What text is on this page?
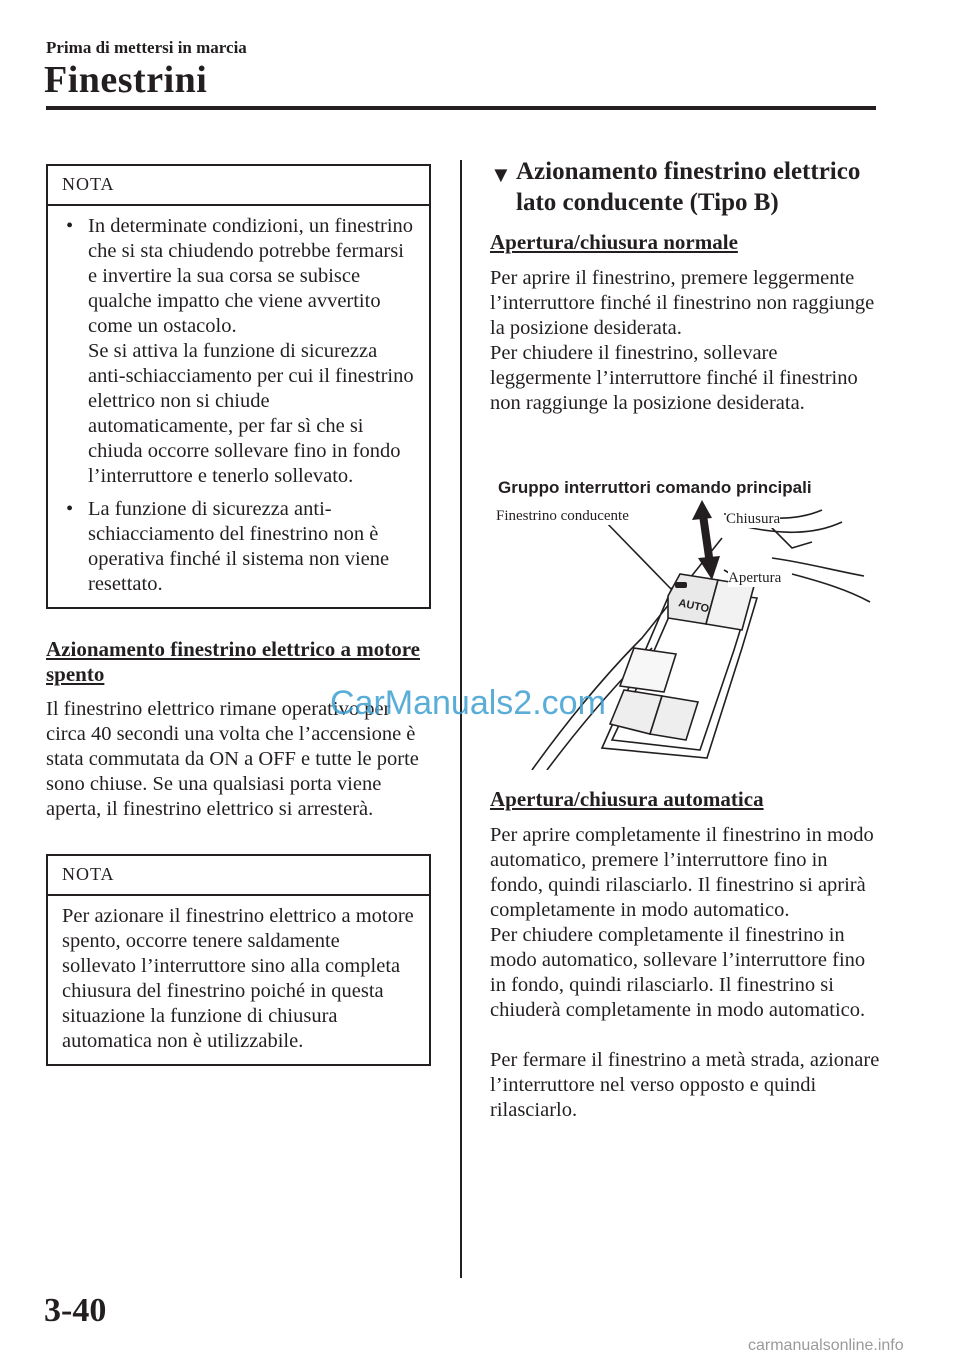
Prima di mettersi in marcia
Finestrini
NOTA
• In determinate condizioni, un finestrino che si sta chiudendo potrebbe fermarsi e invertire la sua corsa se subisce qualche impatto che viene avvertito come un ostacolo.

Se si attiva la funzione di sicurezza anti-schiacciamento per cui il finestrino elettrico non si chiude automaticamente, per far sì che si chiuda occorre sollevare fino in fondo l’interruttore e tenerlo sollevato.

• La funzione di sicurezza anti-schiacciamento del finestrino non è operativa finché il sistema non viene resettato.

Azionamento finestrino elettrico a motore spento

Il finestrino elettrico rimane operativo per circa 40 secondi una volta che l’accensione è stata commutata da ON a OFF e tutte le porte sono chiuse. Se una qualsiasi porta viene aperta, il finestrino elettrico si arresterà.

NOTA

Per azionare il finestrino elettrico a motore spento, occorre tenere saldamente sollevato l’interruttore sino alla completa chiusura del finestrino poiché in questa situazione la funzione di chiusura automatica non è utilizzabile.

▼ Azionamento finestrino elettrico lato conducente (Tipo B)

Apertura/chiusura normale

Per aprire il finestrino, premere leggermente l’interruttore finché il finestrino non raggiunge la posizione desiderata.

Per chiudere il finestrino, sollevare leggermente l’interruttore finché il finestrino non raggiunge la posizione desiderata.

AUTO
Gruppo interruttori comando principali
Finestrino conducente	Chiusura
Apertura

Apertura/chiusura automatica

Per aprire completamente il finestrino in modo automatico, premere l’interruttore fino in fondo, quindi rilasciarlo. Il finestrino si aprirà completamente in modo automatico.

Per chiudere completamente il finestrino in modo automatico, sollevare l’interruttore fino in fondo, quindi rilasciarlo. Il finestrino si chiuderà completamente in modo automatico.

Per fermare il finestrino a metà strada, azionare l’interruttore nel verso opposto e quindi rilasciarlo.

CarManuals2.com
3-40
carmanualsonline.info
